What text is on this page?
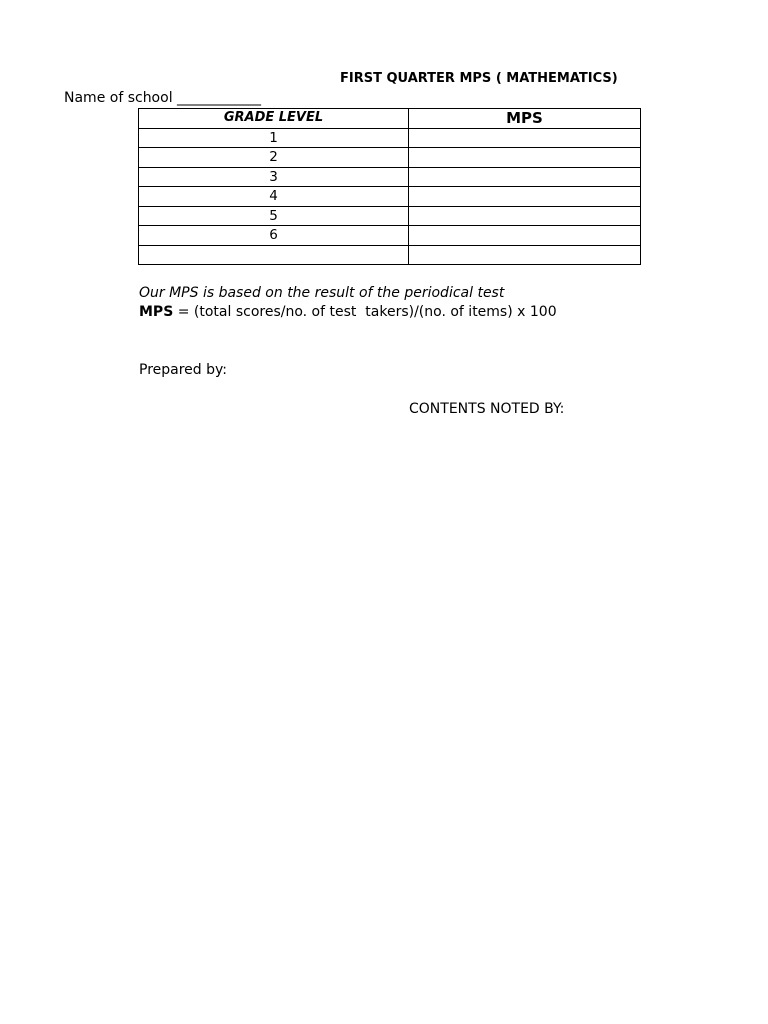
FIRST QUARTER MPS ( MATHEMATICS)
Name of school ____________
GRADE LEVEL	MPS
1	
2	
3	
4	
5	
6	

Our MPS is based on the result of the periodical test
MPS = (total scores/no. of test  takers)/(no. of items) x 100
Prepared by:
CONTENTS NOTED BY:
